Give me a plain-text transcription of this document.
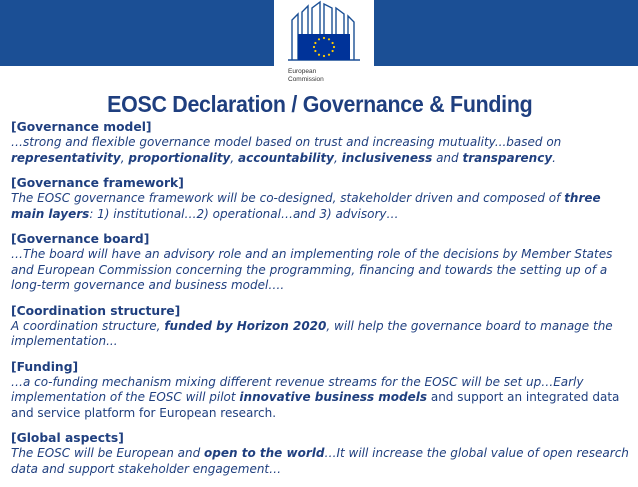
European
Commission
EOSC Declaration / Governance & Funding
[Governance model]
…strong and flexible governance model based on trust and increasing mutuality...based on representativity, proportionality, accountability, inclusiveness and transparency.
[Governance framework]
The EOSC governance framework will be co-designed, stakeholder driven and composed of three main layers: 1) institutional…2) operational…and 3) advisory…
[Governance board]
…The board will have an advisory role and an implementing role of the decisions by Member States and European Commission concerning the programming, financing and towards the setting up of a long-term governance and business model….
[Coordination structure]
A coordination structure, funded by Horizon 2020, will help the governance board to manage the implementation...
[Funding]
…a co-funding mechanism mixing different revenue streams for the EOSC will be set up…Early implementation of the EOSC will pilot innovative business models and support an integrated data and service platform for European research.
[Global aspects]
The EOSC will be European and open to the world…It will increase the global value of open research data and support stakeholder engagement…
